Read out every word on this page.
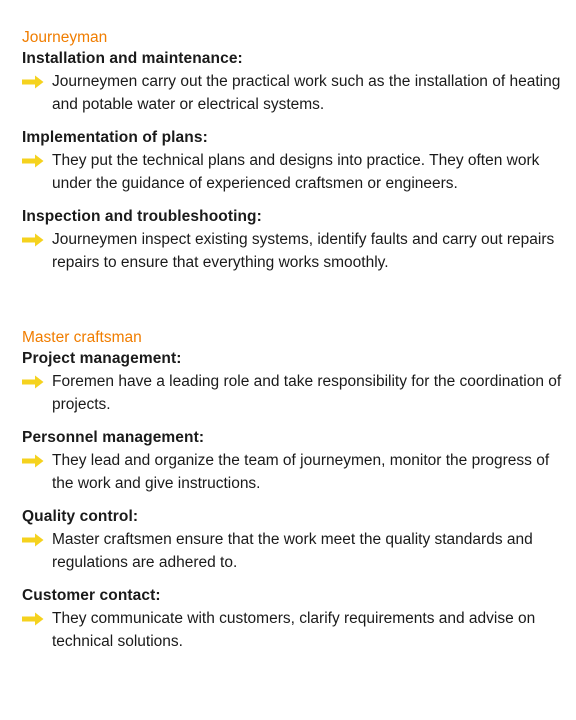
Journeyman

Installation and maintenance:

Journeymen carry out the practical work such as the installation of heating and potable water or electrical systems.

Implementation of plans:

They put the technical plans and designs into practice. They often work under the guidance of experienced craftsmen or engineers.

Inspection and troubleshooting:

Journeymen inspect existing systems, identify faults and carry out repairs repairs to ensure that everything works smoothly.
Master craftsman

Project management:

Foremen have a leading role and take responsibility for the coordination of projects.

Personnel management:

They lead and organize the team of journeymen, monitor the progress of the work and give instructions.

Quality control:

Master craftsmen ensure that the work meet the quality standards and regulations are adhered to.

Customer contact:

They communicate with customers, clarify requirements and advise on technical solutions.
